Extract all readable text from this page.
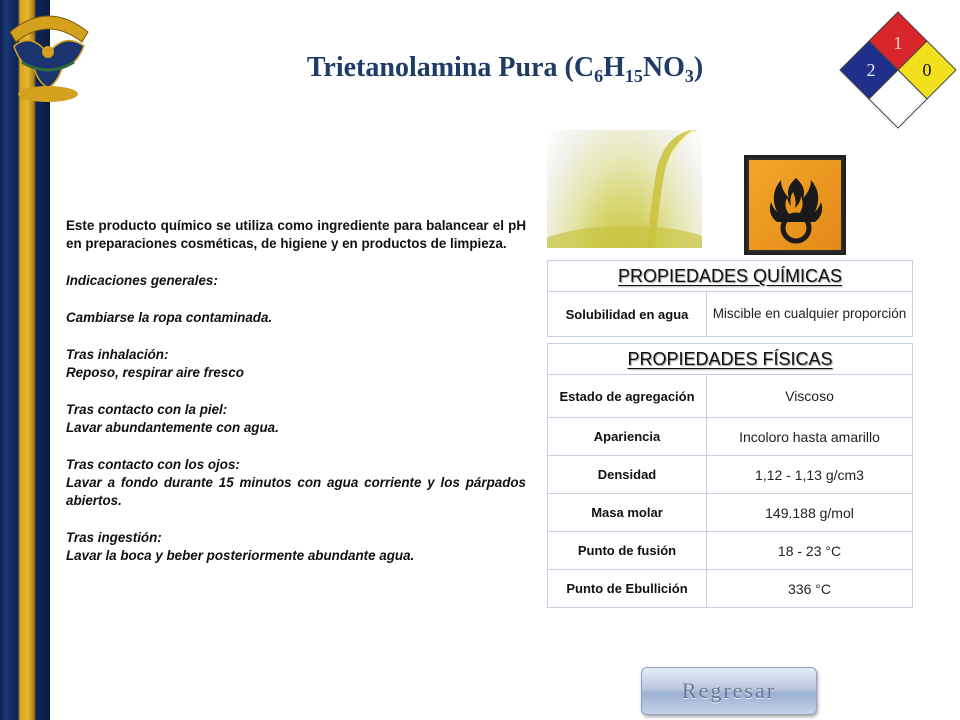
Trietanolamina Pura $(C_6H_{15}NO_3)$
1
2	0

Este producto químico se utiliza como ingrediente para balancear el pH en preparaciones cosméticas, de higiene y en productos de limpieza.

Indicaciones generales:

Cambiarse la ropa contaminada.

Tras inhalación:
Reposo, respirar aire fresco

Tras contacto con la piel:
Lavar abundantemente con agua.

Tras contacto con los ojos:
Lavar a fondo durante 15 minutos con agua corriente y los párpados abiertos.

Tras ingestión:
Lavar la boca y beber posteriormente abundante agua.

PROPIEDADES QUÍMICAS
Solubilidad en agua	Miscible en cualquier proporción
PROPIEDADES FÍSICAS	
Estado de agregación	Viscoso
Apariencia	Incoloro hasta amarillo
Densidad	1,12 - 1,13 g/cm3
Masa molar	149.188 g/mol
Punto de fusión	18 - 23 °C
Punto de Ebullición	336 °C
Regresar
